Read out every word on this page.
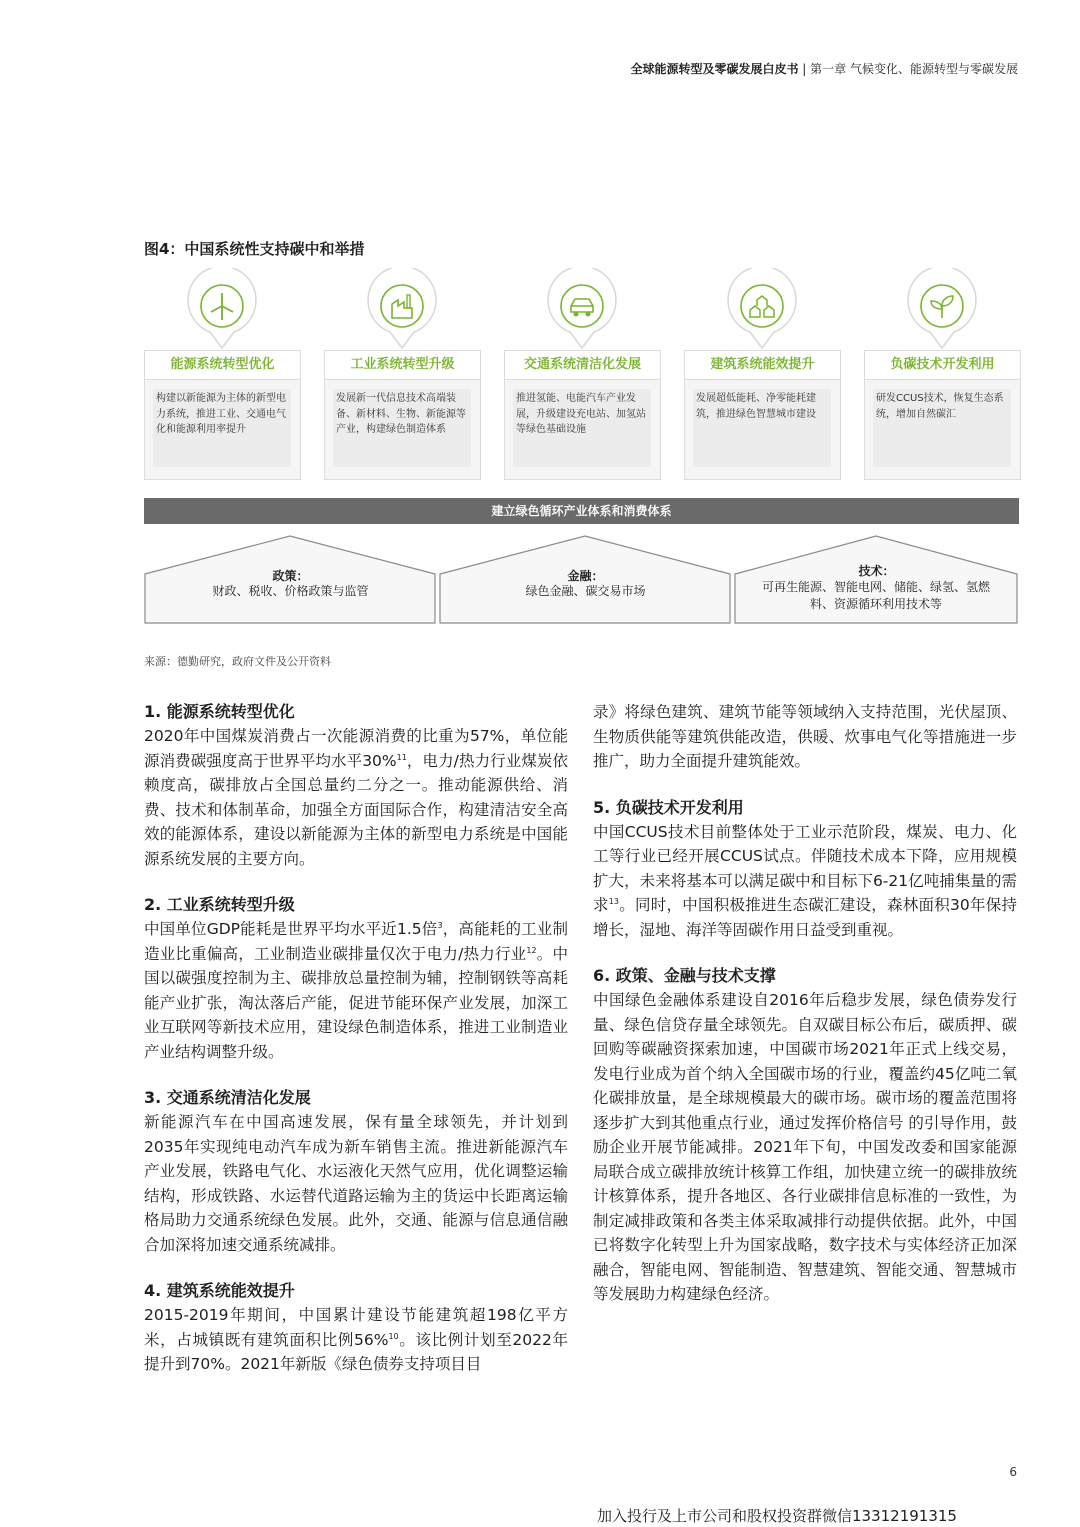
全球能源转型及零碳发展白皮书 | 第一章 气候变化、能源转型与零碳发展
图4：中国系统性支持碳中和举措
能源系统转型优化
构建以新能源为主体的新型电力系统，推进工业、交通电气化和能源利用率提升
工业系统转型升级
发展新一代信息技术高端装备、新材料、生物、新能源等产业，构建绿色制造体系
交通系统清洁化发展
推进氢能、电能汽车产业发展，升级建设充电站、加氢站等绿色基础设施
建筑系统能效提升
发展超低能耗、净零能耗建筑，推进绿色智慧城市建设
负碳技术开发利用
研发CCUS技术，恢复生态系统，增加自然碳汇
建立绿色循环产业体系和消费体系
政策：
财政、税收、价格政策与监管
金融：
绿色金融、碳交易市场
技术：
可再生能源、智能电网、储能、绿氢、氢燃料、资源循环利用技术等
来源：德勤研究，政府文件及公开资料

1. 能源系统转型优化

2020年中国煤炭消费占一次能源消费的比重为57%，单位能源消费碳强度高于世界平均水平30%$^{11}$，电力/热力行业煤炭依赖度高，碳排放占全国总量约二分之一。推动能源供给、消费、技术和体制革命，加强全方面国际合作，构建清洁安全高效的能源体系，建设以新能源为主体的新型电力系统是中国能源系统发展的主要方向。

2. 工业系统转型升级

中国单位GDP能耗是世界平均水平近1.5倍$^3$，高能耗的工业制造业比重偏高，工业制造业碳排量仅次于电力/热力行业$^{12}$。中国以碳强度控制为主、碳排放总量控制为辅，控制钢铁等高耗能产业扩张，淘汰落后产能，促进节能环保产业发展，加深工业互联网等新技术应用，建设绿色制造体系，推进工业制造业产业结构调整升级。

3. 交通系统清洁化发展

新能源汽车在中国高速发展，保有量全球领先，并计划到2035年实现纯电动汽车成为新车销售主流。推进新能源汽车产业发展，铁路电气化、水运液化天然气应用，优化调整运输结构，形成铁路、水运替代道路运输为主的货运中长距离运输格局助力交通系统绿色发展。此外，交通、能源与信息通信融合加深将加速交通系统减排。

4. 建筑系统能效提升

2015-2019年期间，中国累计建设节能建筑超198亿平方米，占城镇既有建筑面积比例56%$^{10}$。该比例计划至2022年提升到70%。2021年新版《绿色债券支持项目目

录》将绿色建筑、建筑节能等领域纳入支持范围，光伏屋顶、生物质供能等建筑供能改造，供暖、炊事电气化等措施进一步推广，助力全面提升建筑能效。

5. 负碳技术开发利用

中国CCUS技术目前整体处于工业示范阶段，煤炭、电力、化工等行业已经开展CCUS试点。伴随技术成本下降，应用规模扩大，未来将基本可以满足碳中和目标下6-21亿吨捕集量的需求$^{13}$。同时，中国积极推进生态碳汇建设，森林面积30年保持增长，湿地、海洋等固碳作用日益受到重视。

6. 政策、金融与技术支撑

中国绿色金融体系建设自2016年后稳步发展，绿色债券发行量、绿色信贷存量全球领先。自双碳目标公布后，碳质押、碳回购等碳融资探索加速，中国碳市场2021年正式上线交易，发电行业成为首个纳入全国碳市场的行业，覆盖约45亿吨二氧化碳排放量，是全球规模最大的碳市场。碳市场的覆盖范围将逐步扩大到其他重点行业，通过发挥价格信号 的引导作用，鼓励企业开展节能减排。2021年下旬，中国发改委和国家能源局联合成立碳排放统计核算工作组，加快建立统一的碳排放统计核算体系，提升各地区、各行业碳排信息标准的一致性，为制定减排政策和各类主体采取减排行动提供依据。此外，中国已将数字化转型上升为国家战略，数字技术与实体经济正加深融合，智能电网、智能制造、智慧建筑、智能交通、智慧城市等发展助力构建绿色经济。

6
加入投行及上市公司和股权投资群微信13312191315
